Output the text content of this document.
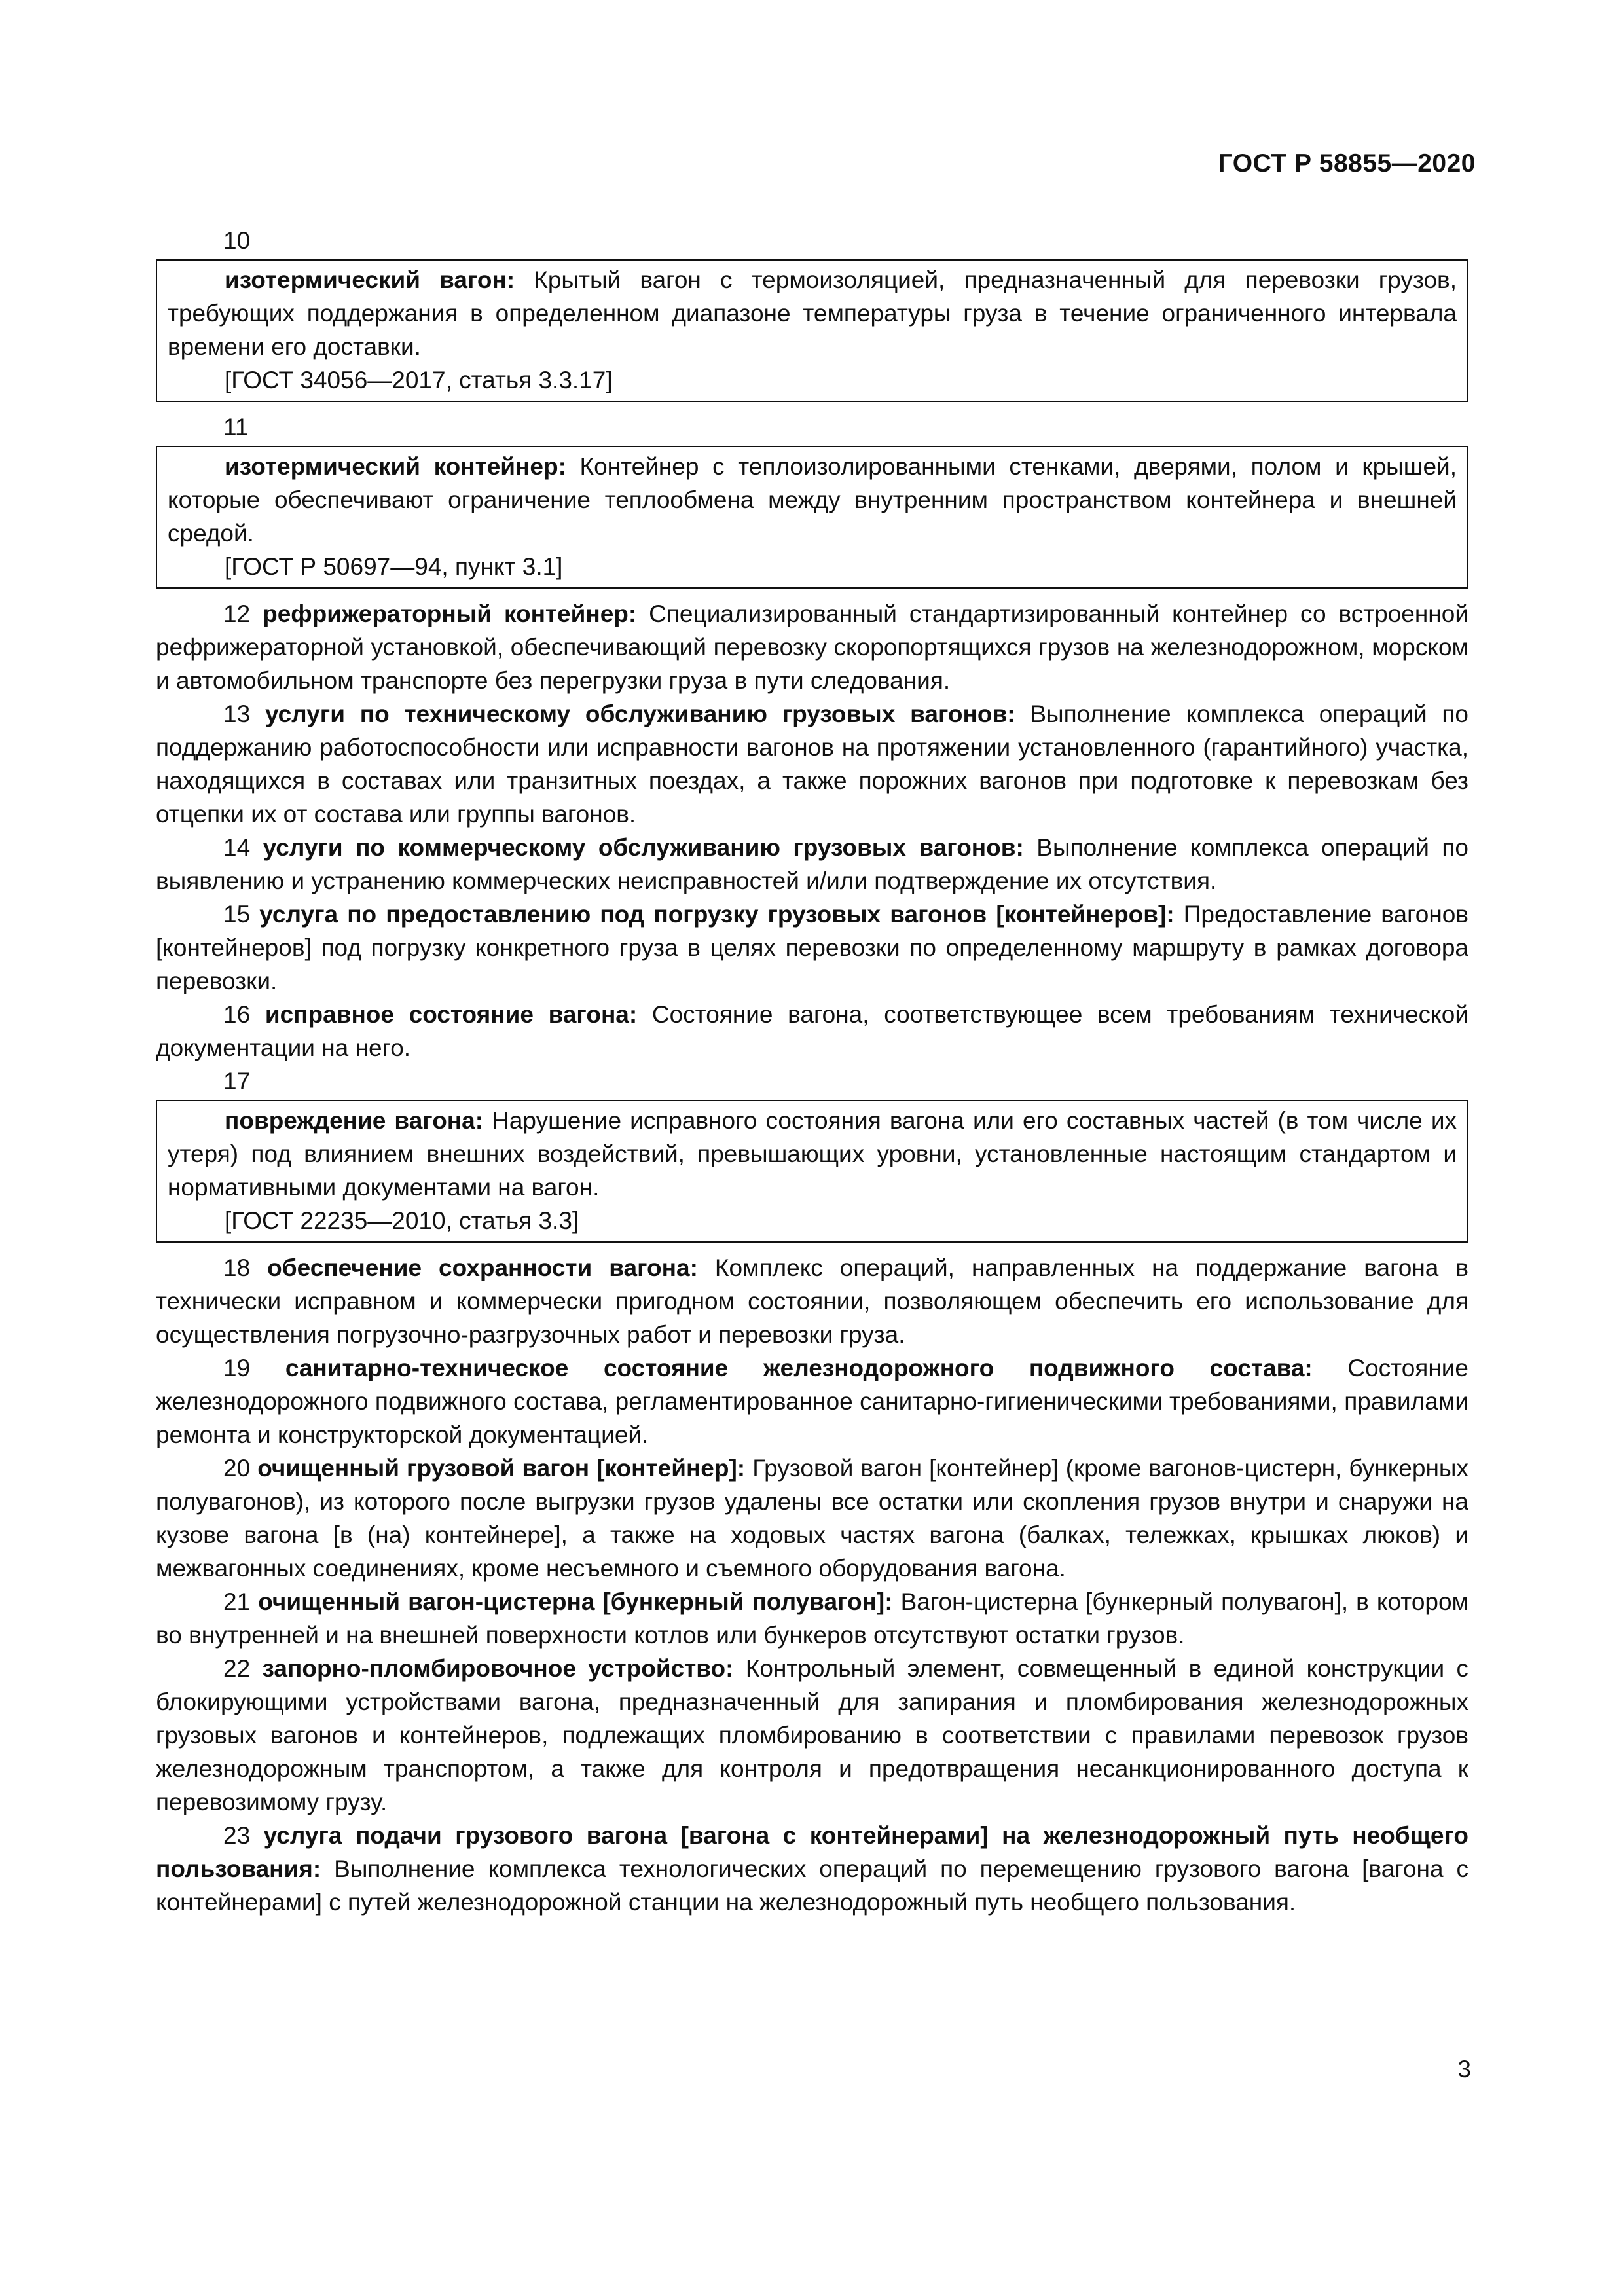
ГОСТ Р 58855—2020
10
изотермический вагон: Крытый вагон с термоизоляцией, предназначенный для перевозки грузов, требующих поддержания в определенном диапазоне температуры груза в течение ограниченного интервала времени его доставки.
[ГОСТ 34056—2017, статья 3.3.17]
11
изотермический контейнер: Контейнер с теплоизолированными стенками, дверями, полом и крышей, которые обеспечивают ограничение теплообмена между внутренним пространством контейнера и внешней средой.
[ГОСТ Р 50697—94, пункт 3.1]
12 рефрижераторный контейнер: Специализированный стандартизированный контейнер со встроенной рефрижераторной установкой, обеспечивающий перевозку скоропортящихся грузов на железнодорожном, морском и автомобильном транспорте без перегрузки груза в пути следования.
13 услуги по техническому обслуживанию грузовых вагонов: Выполнение комплекса операций по поддержанию работоспособности или исправности вагонов на протяжении установленного (гарантийного) участка, находящихся в составах или транзитных поездах, а также порожних вагонов при подготовке к перевозкам без отцепки их от состава или группы вагонов.
14 услуги по коммерческому обслуживанию грузовых вагонов: Выполнение комплекса операций по выявлению и устранению коммерческих неисправностей и/или подтверждение их отсутствия.
15 услуга по предоставлению под погрузку грузовых вагонов [контейнеров]: Предоставление вагонов [контейнеров] под погрузку конкретного груза в целях перевозки по определенному маршруту в рамках договора перевозки.
16 исправное состояние вагона: Состояние вагона, соответствующее всем требованиям технической документации на него.
17
повреждение вагона: Нарушение исправного состояния вагона или его составных частей (в том числе их утеря) под влиянием внешних воздействий, превышающих уровни, установленные настоящим стандартом и нормативными документами на вагон.
[ГОСТ 22235—2010, статья 3.3]
18 обеспечение сохранности вагона: Комплекс операций, направленных на поддержание вагона в технически исправном и коммерчески пригодном состоянии, позволяющем обеспечить его использование для осуществления погрузочно-разгрузочных работ и перевозки груза.
19 санитарно-техническое состояние железнодорожного подвижного состава: Состояние железнодорожного подвижного состава, регламентированное санитарно-гигиеническими требованиями, правилами ремонта и конструкторской документацией.
20 очищенный грузовой вагон [контейнер]: Грузовой вагон [контейнер] (кроме вагонов-цистерн, бункерных полувагонов), из которого после выгрузки грузов удалены все остатки или скопления грузов внутри и снаружи на кузове вагона [в (на) контейнере], а также на ходовых частях вагона (балках, тележках, крышках люков) и межвагонных соединениях, кроме несъемного и съемного оборудования вагона.
21 очищенный вагон-цистерна [бункерный полувагон]: Вагон-цистерна [бункерный полувагон], в котором во внутренней и на внешней поверхности котлов или бункеров отсутствуют остатки грузов.
22 запорно-пломбировочное устройство: Контрольный элемент, совмещенный в единой конструкции с блокирующими устройствами вагона, предназначенный для запирания и пломбирования железнодорожных грузовых вагонов и контейнеров, подлежащих пломбированию в соответствии с правилами перевозок грузов железнодорожным транспортом, а также для контроля и предотвращения несанкционированного доступа к перевозимому грузу.
23 услуга подачи грузового вагона [вагона с контейнерами] на железнодорожный путь необщего пользования: Выполнение комплекса технологических операций по перемещению грузового вагона [вагона с контейнерами] с путей железнодорожной станции на железнодорожный путь необщего пользования.
3
